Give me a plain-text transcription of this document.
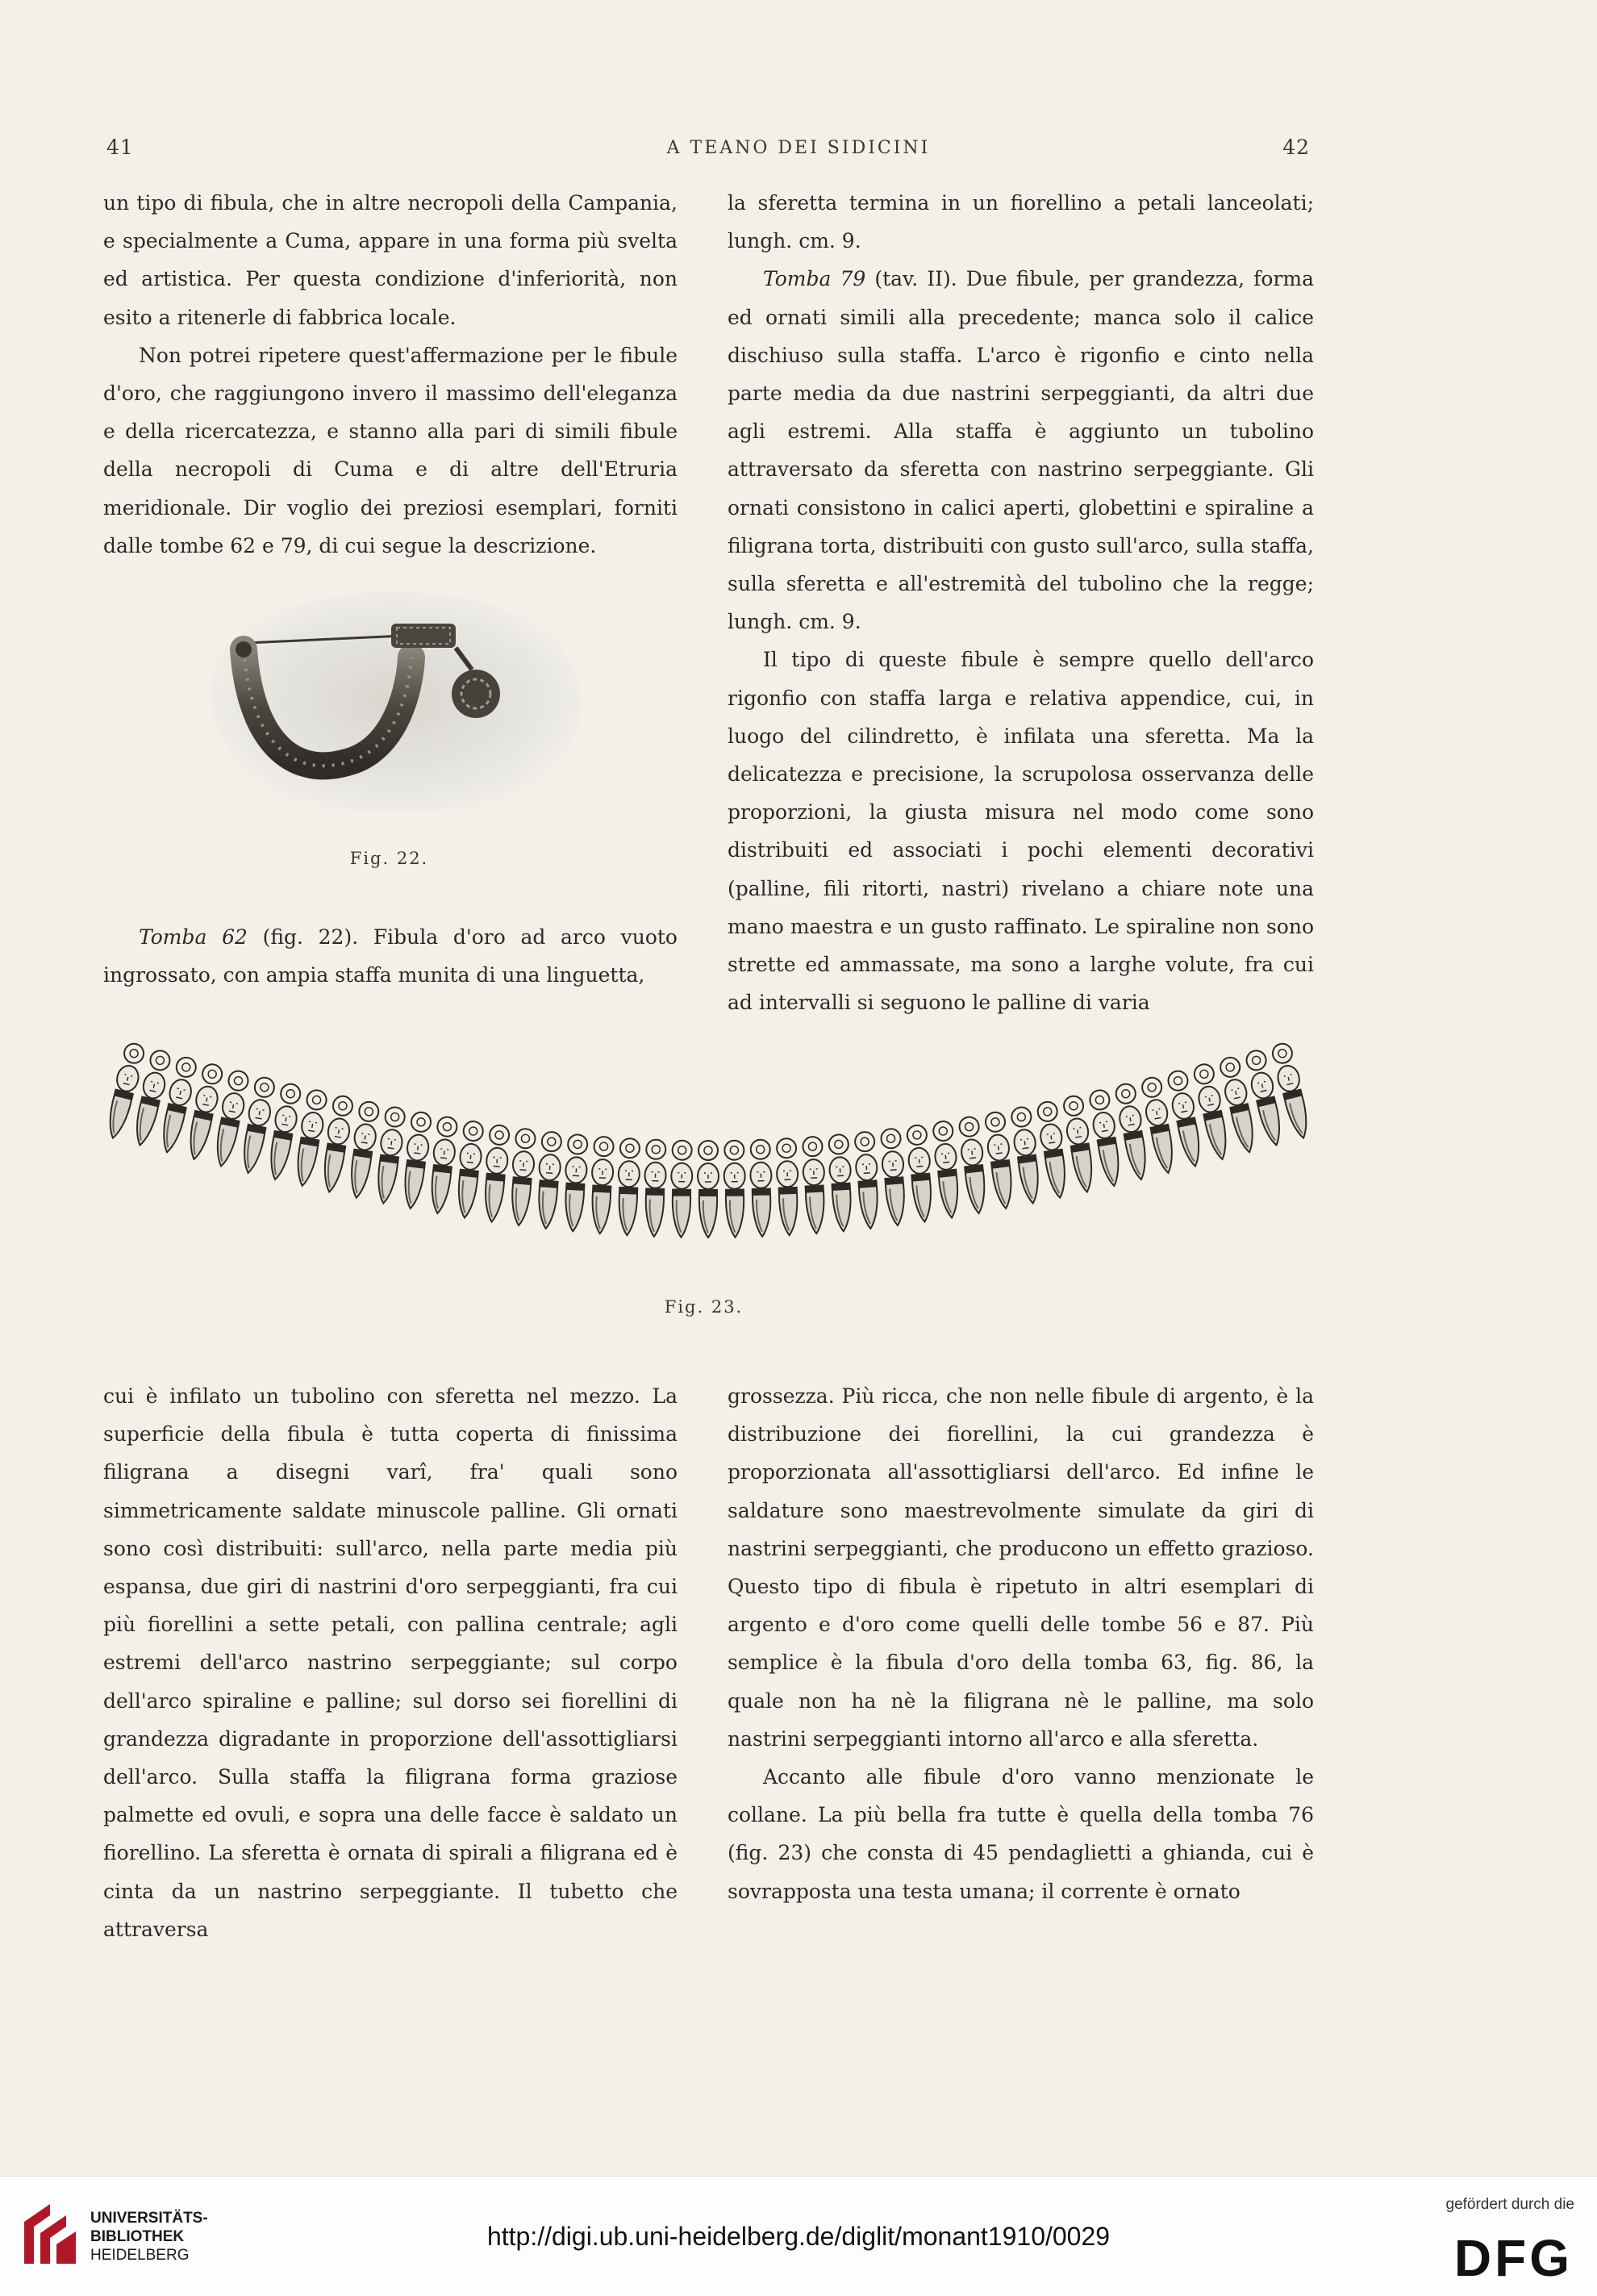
41	A TEANO DEI SIDICINI	42

un tipo di fibula, che in altre necropoli della Campania, e specialmente a Cuma, appare in una forma più svelta ed artistica. Per questa condizione d'inferiorità, non esito a ritenerle di fabbrica locale.

Non potrei ripetere quest'affermazione per le fibule d'oro, che raggiungono invero il massimo dell'eleganza e della ricercatezza, e stanno alla pari di simili fibule della necropoli di Cuma e di altre dell'Etruria meridionale. Dir voglio dei preziosi esemplari, forniti dalle tombe 62 e 79, di cui segue la descrizione.

la sferetta termina in un fiorellino a petali lanceolati; lungh. cm. 9.

Tomba 79 (tav. II). Due fibule, per grandezza, forma ed ornati simili alla precedente; manca solo il calice dischiuso sulla staffa. L'arco è rigonfio e cinto nella parte media da due nastrini serpeggianti, da altri due agli estremi. Alla staffa è aggiunto un tubolino attraversato da sferetta con nastrino serpeggiante. Gli ornati consistono in calici aperti, globettini e spiraline a filigrana torta, distribuiti con gusto sull'arco, sulla staffa, sulla sferetta e all'estremità del tubolino che la regge; lungh. cm. 9.

Il tipo di queste fibule è sempre quello dell'arco rigonfio con staffa larga e relativa appendice, cui, in luogo del cilindretto, è infilata una sferetta. Ma la delicatezza e precisione, la scrupolosa osservanza delle proporzioni, la giusta misura nel modo come sono distribuiti ed associati i pochi elementi decorativi (palline, fili ritorti, nastri) rivelano a chiare note una mano maestra e un gusto raffinato. Le spiraline non sono strette ed ammassate, ma sono a larghe volute, fra cui ad intervalli si seguono le palline di varia

Fig. 22.

Tomba 62 (fig. 22). Fibula d'oro ad arco vuoto ingrossato, con ampia staffa munita di una linguetta,

Fig. 23.

cui è infilato un tubolino con sferetta nel mezzo. La superficie della fibula è tutta coperta di finissima filigrana a disegni varî, fra' quali sono simmetricamente saldate minuscole palline. Gli ornati sono così distribuiti: sull'arco, nella parte media più espansa, due giri di nastrini d'oro serpeggianti, fra cui più fiorellini a sette petali, con pallina centrale; agli estremi dell'arco nastrino serpeggiante; sul corpo dell'arco spiraline e palline; sul dorso sei fiorellini di grandezza digradante in proporzione dell'assottigliarsi dell'arco. Sulla staffa la filigrana forma graziose palmette ed ovuli, e sopra una delle facce è saldato un fiorellino. La sferetta è ornata di spirali a filigrana ed è cinta da un nastrino serpeggiante. Il tubetto che attraversa

grossezza. Più ricca, che non nelle fibule di argento, è la distribuzione dei fiorellini, la cui grandezza è proporzionata all'assottigliarsi dell'arco. Ed infine le saldature sono maestrevolmente simulate da giri di nastrini serpeggianti, che producono un effetto grazioso. Questo tipo di fibula è ripetuto in altri esemplari di argento e d'oro come quelli delle tombe 56 e 87. Più semplice è la fibula d'oro della tomba 63, fig. 86, la quale non ha nè la filigrana nè le palline, ma solo nastrini serpeggianti intorno all'arco e alla sferetta.

Accanto alle fibule d'oro vanno menzionate le collane. La più bella fra tutte è quella della tomba 76 (fig. 23) che consta di 45 pendaglietti a ghianda, cui è sovrapposta una testa umana; il corrente è ornato

UNIVERSITÄTS-
BIBLIOTHEK
HEIDELBERG
http://digi.ub.uni-heidelberg.de/diglit/monant1910/0029
gefördert durch die
DFG
